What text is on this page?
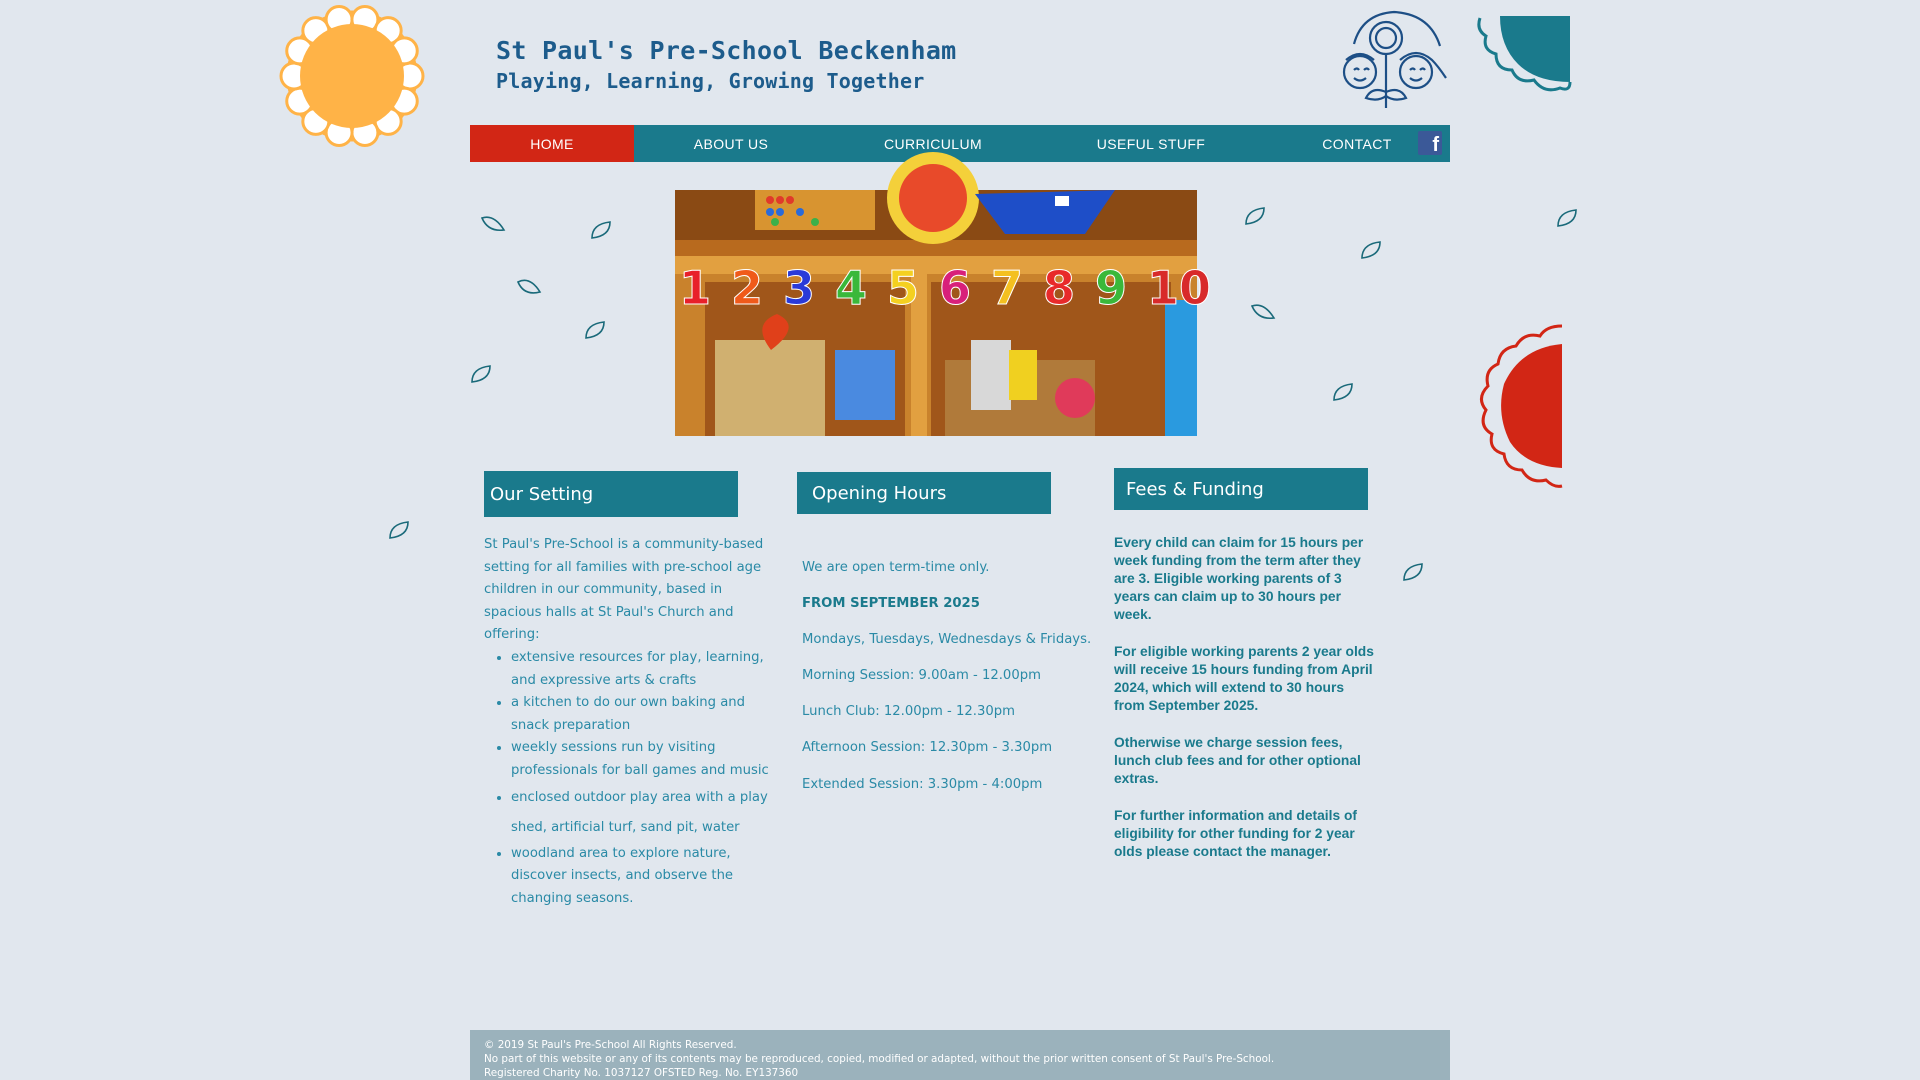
St Paul's Pre-School Beckenham
Playing, Learning, Growing Together
HOME	ABOUT US	CURRICULUM	USEFUL STUFF	CONTACT	f
1 2 3 4 5 6 7 8 9 10
Our Setting	Opening Hours	Fees & Funding

St Paul's Pre-School is a community-based setting for all families with pre-school age children in our community, based in spacious halls at St Paul's Church and offering:

• extensive resources for play, learning, and expressive arts & crafts
• a kitchen to do our own baking and snack preparation
• weekly sessions run by visiting professionals for ball games and music
• enclosed outdoor play area with a play shed, artificial turf, sand pit, water
• woodland area to explore nature, discover insects, and observe the changing seasons.
We are open term-time only.
FROM SEPTEMBER 2025
Mondays, Tuesdays, Wednesdays & Fridays.
Morning Session: 9.00am - 12.00pm
Lunch Club: 12.00pm - 12.30pm
Afternoon Session: 12.30pm - 3.30pm
Extended Session: 3.30pm - 4:00pm

Every child can claim for 15 hours per week funding from the term after they are 3. Eligible working parents of 3 years can claim up to 30 hours per week.

For eligible working parents 2 year olds will receive 15 hours funding from April 2024, which will extend to 30 hours from September 2025.

Otherwise we charge session fees, lunch club fees and for other optional extras.

For further information and details of eligibility for other funding for 2 year olds please contact the manager.

© 2019 St Paul's Pre-School All Rights Reserved.
No part of this website or any of its contents may be reproduced, copied, modified or adapted, without the prior written consent of St Paul's Pre-School.
Registered Charity No. 1037127 OFSTED Reg. No. EY137360
